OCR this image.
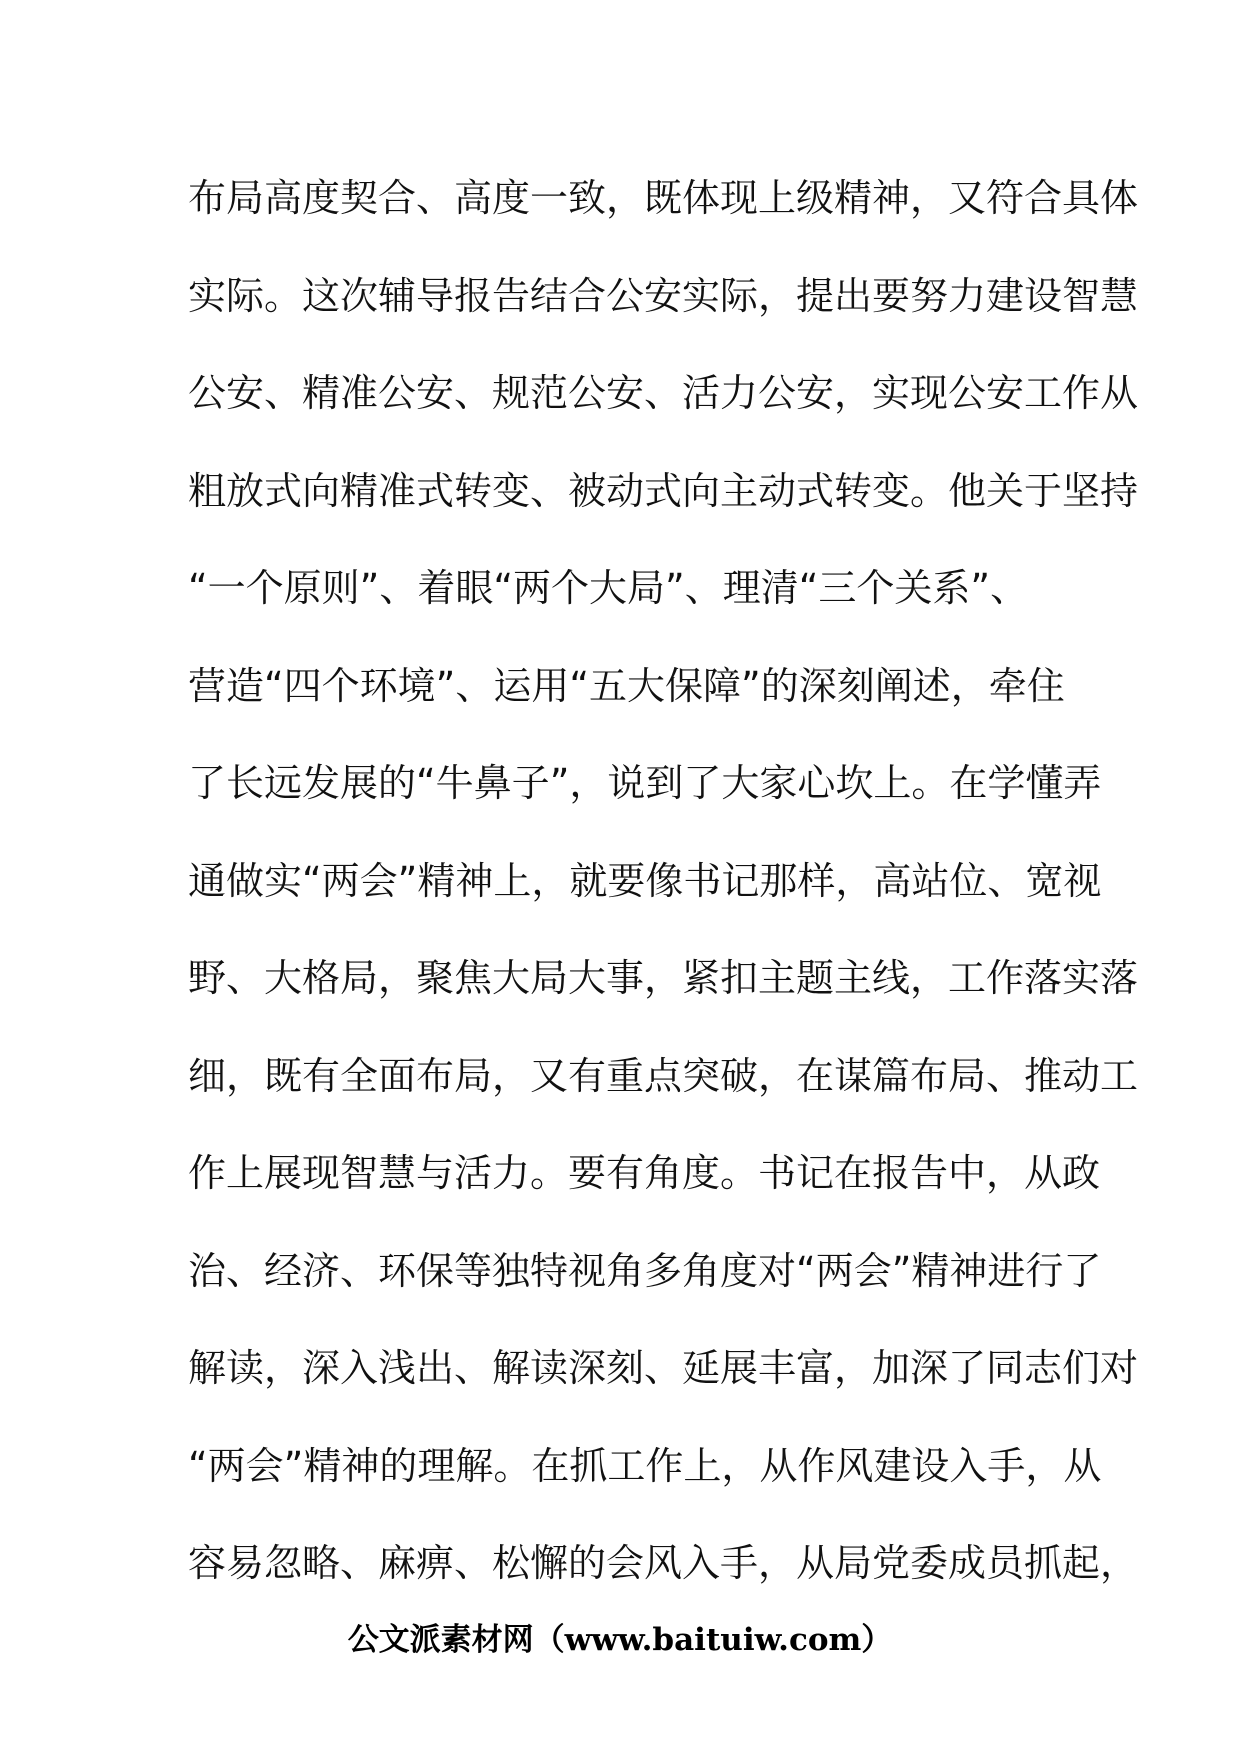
布局高度契合、高度一致，既体现上级精神，又符合具体
实际。这次辅导报告结合公安实际，提出要努力建设智慧
公安、精准公安、规范公安、活力公安，实现公安工作从
粗放式向精准式转变、被动式向主动式转变。他关于坚持
“一个原则”、着眼“两个大局”、理清“三个关系”、
营造“四个环境”、运用“五大保障”的深刻阐述，牵住
了长远发展的“牛鼻子”，说到了大家心坎上。在学懂弄
通做实“两会”精神上，就要像书记那样，高站位、宽视
野、大格局，聚焦大局大事，紧扣主题主线，工作落实落
细，既有全面布局，又有重点突破，在谋篇布局、推动工
作上展现智慧与活力。要有角度。书记在报告中，从政
治、经济、环保等独特视角多角度对“两会”精神进行了
解读，深入浅出、解读深刻、延展丰富，加深了同志们对
“两会”精神的理解。在抓工作上，从作风建设入手，从
容易忽略、麻痹、松懈的会风入手，从局党委成员抓起，
公文派素材网（www.baituiw.com）
